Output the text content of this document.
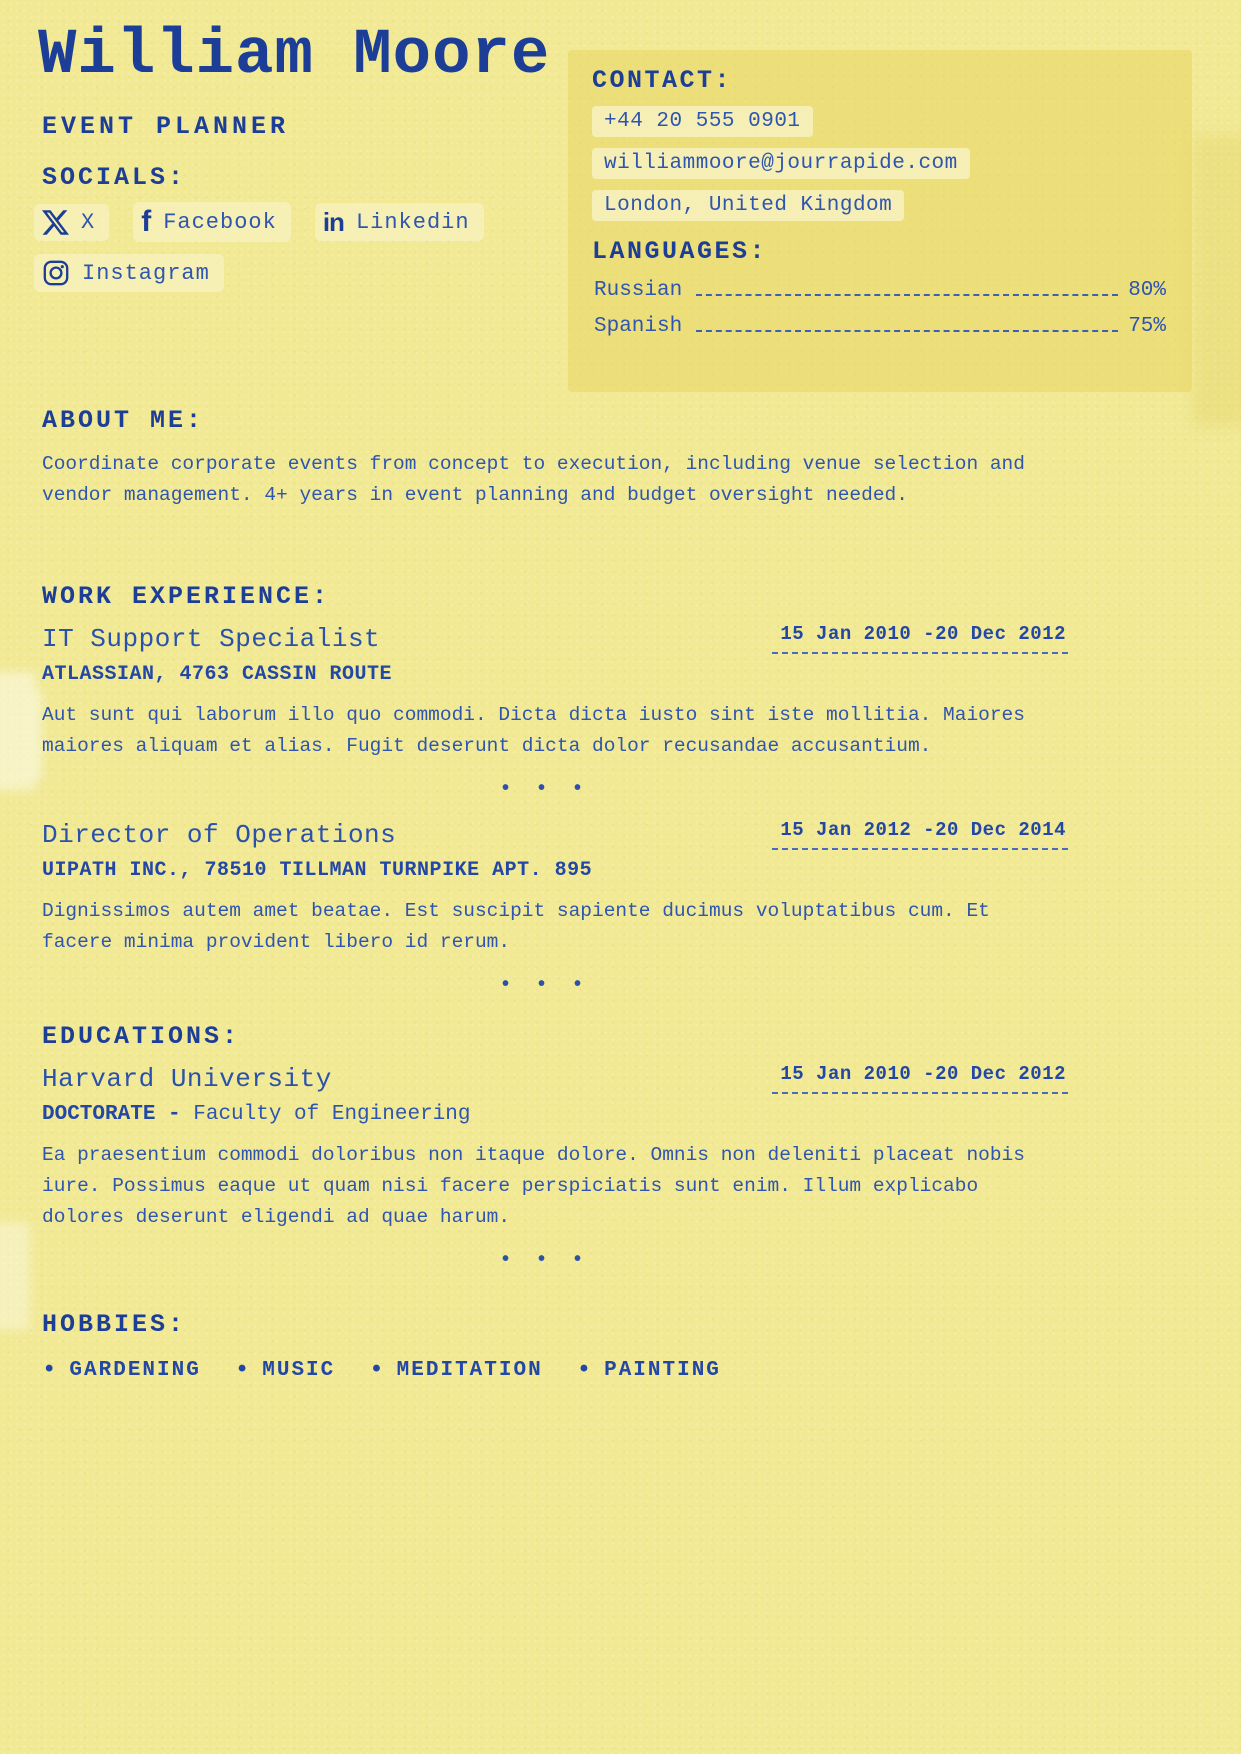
William Moore
EVENT PLANNER
SOCIALS:
X f Facebook in Linkedin
Instagram
CONTACT:
+44 20 555 0901
williammoore@jourrapide.com
London, United Kingdom
LANGUAGES:
Russian	80%
Spanish	75%
ABOUT ME:
Coordinate corporate events from concept to execution, including venue selection and vendor management. 4+ years in event planning and budget oversight needed.
WORK EXPERIENCE:
IT Support Specialist	15 Jan 2010 -20 Dec 2012
ATLASSIAN, 4763 CASSIN ROUTE
Aut sunt qui laborum illo quo commodi. Dicta dicta iusto sint iste mollitia. Maiores maiores aliquam et alias. Fugit deserunt dicta dolor recusandae accusantium.
• • •
Director of Operations	15 Jan 2012 -20 Dec 2014
UIPATH INC., 78510 TILLMAN TURNPIKE APT. 895
Dignissimos autem amet beatae. Est suscipit sapiente ducimus voluptatibus cum. Et facere minima provident libero id rerum.
• • •
EDUCATIONS:
Harvard University	15 Jan 2010 -20 Dec 2012
DOCTORATE - Faculty of Engineering
Ea praesentium commodi doloribus non itaque dolore. Omnis non deleniti placeat nobis iure. Possimus eaque ut quam nisi facere perspiciatis sunt enim. Illum explicabo dolores deserunt eligendi ad quae harum.
• • •
HOBBIES:
• GARDENING • MUSIC • MEDITATION • PAINTING
